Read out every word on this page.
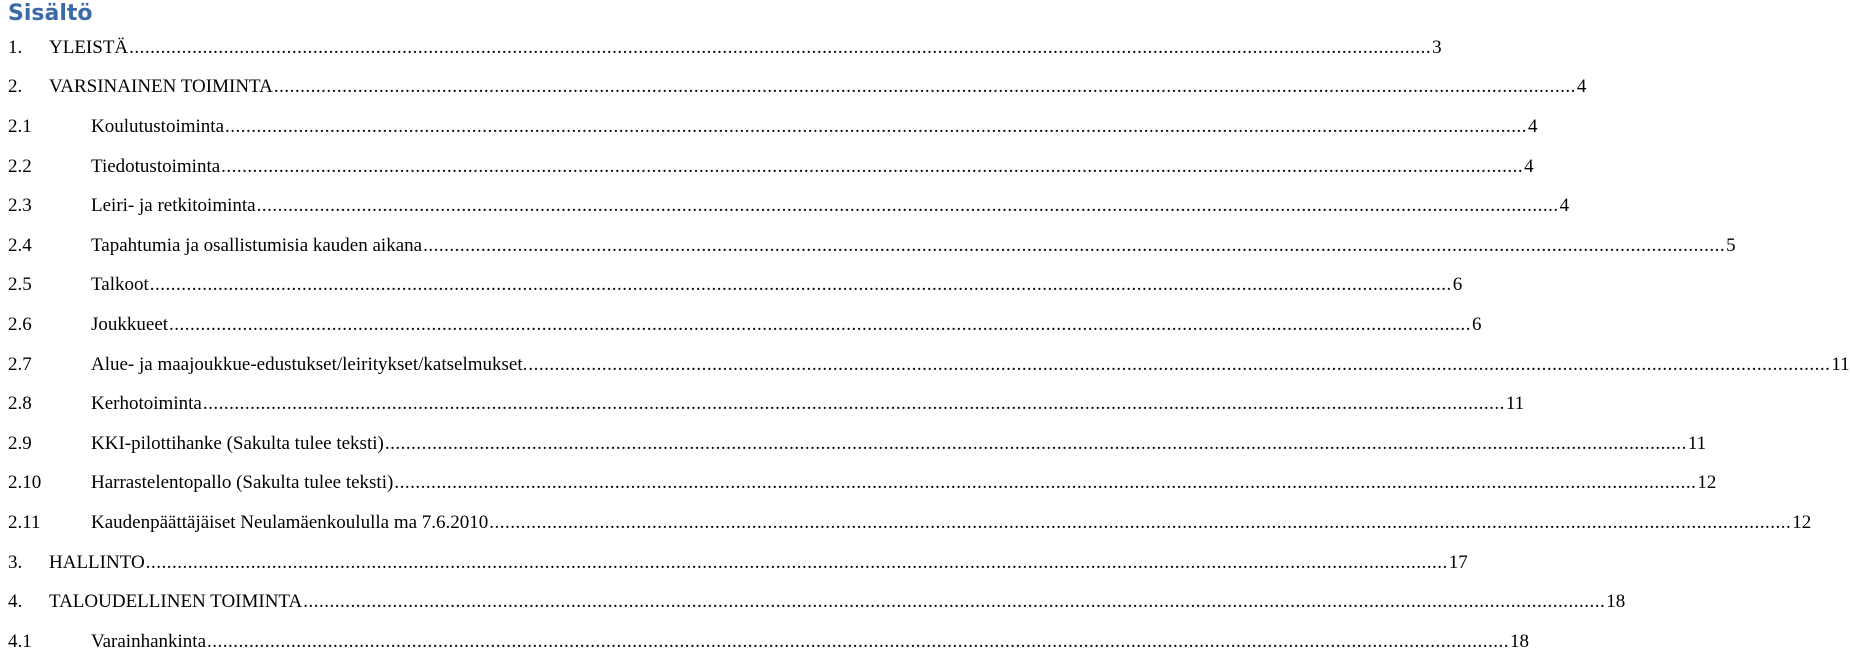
Sisältö
1. YLEISTÄ .....	3
2. VARSINAINEN TOIMINTA .....	4
2.1	Koulutustoiminta .....	4
2.2	Tiedotustoiminta .....	4
2.3	Leiri- ja retkitoiminta .....	4
2.4	Tapahtumia ja osallistumisia kauden aikana .....	5
2.5	Talkoot .....	6
2.6	Joukkueet .....	6
2.7	Alue- ja maajoukkue-edustukset/leiritykset/katselmukset. .....	11
2.8	Kerhotoiminta .....	11
2.9	KKI-pilottihanke (Sakulta tulee teksti) .....	11
2.10	Harrastelentopallo (Sakulta tulee teksti) .....	12
2.11	Kaudenpäättäjäiset Neulamäenkoululla ma 7.6.2010 .....	12
3. HALLINTO .....	17
4. TALOUDELLINEN TOIMINTA .....	18
4.1	Varainhankinta .....	18
